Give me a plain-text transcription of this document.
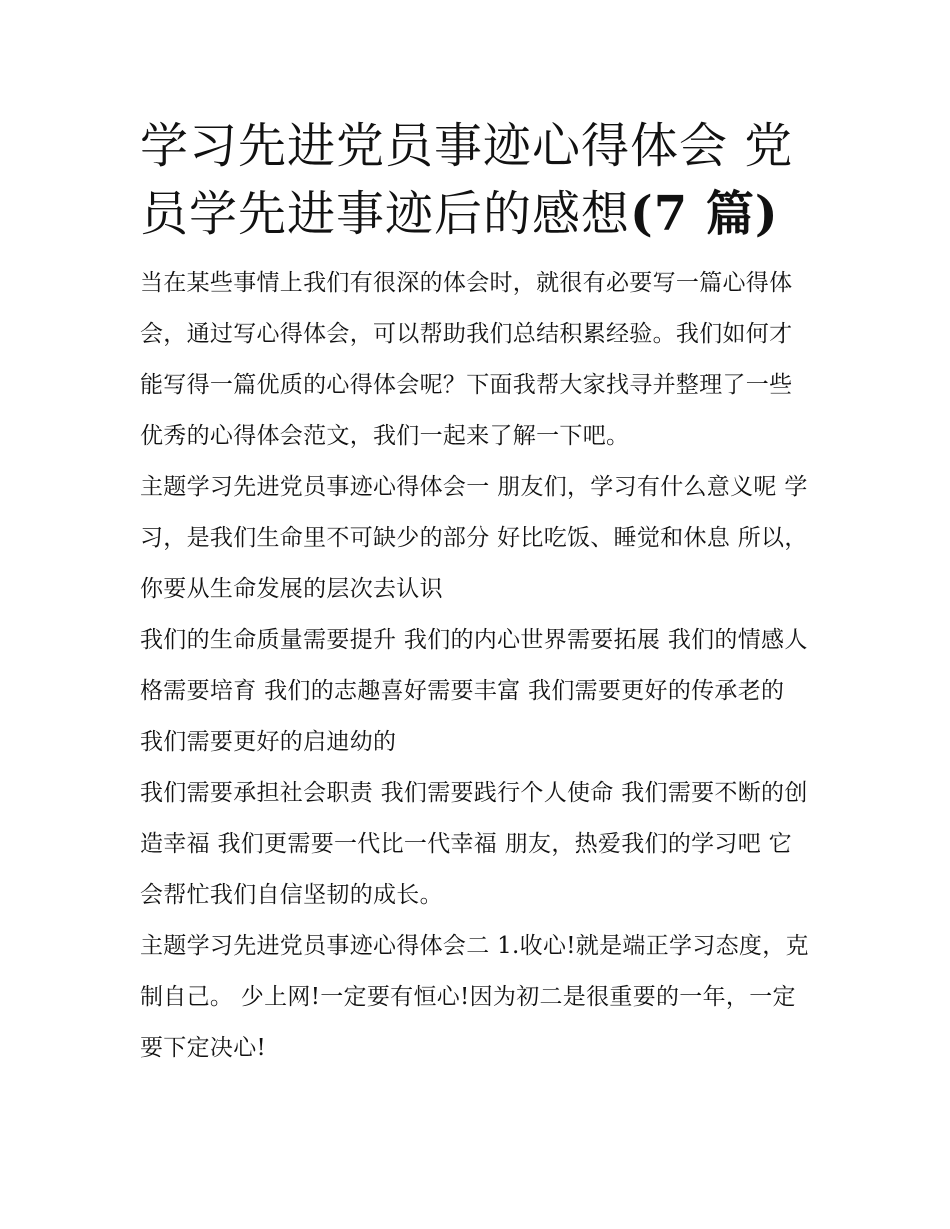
学习先进党员事迹心得体会 党员学先进事迹后的感想(7 篇)

当在某些事情上我们有很深的体会时，就很有必要写一篇心得体会，通过写心得体会，可以帮助我们总结积累经验。我们如何才能写得一篇优质的心得体会呢？下面我帮大家找寻并整理了一些优秀的心得体会范文，我们一起来了解一下吧。

主题学习先进党员事迹心得体会一 朋友们，学习有什么意义呢 学习，是我们生命里不可缺少的部分 好比吃饭、睡觉和休息 所以，你要从生命发展的层次去认识

我们的生命质量需要提升 我们的内心世界需要拓展 我们的情感人格需要培育 我们的志趣喜好需要丰富 我们需要更好的传承老的 我们需要更好的启迪幼的

我们需要承担社会职责 我们需要践行个人使命 我们需要不断的创造幸福 我们更需要一代比一代幸福 朋友，热爱我们的学习吧 它会帮忙我们自信坚韧的成长。

主题学习先进党员事迹心得体会二 1.收心!就是端正学习态度，克制自己。 少上网!一定要有恒心!因为初二是很重要的一年，一定要下定决心!
